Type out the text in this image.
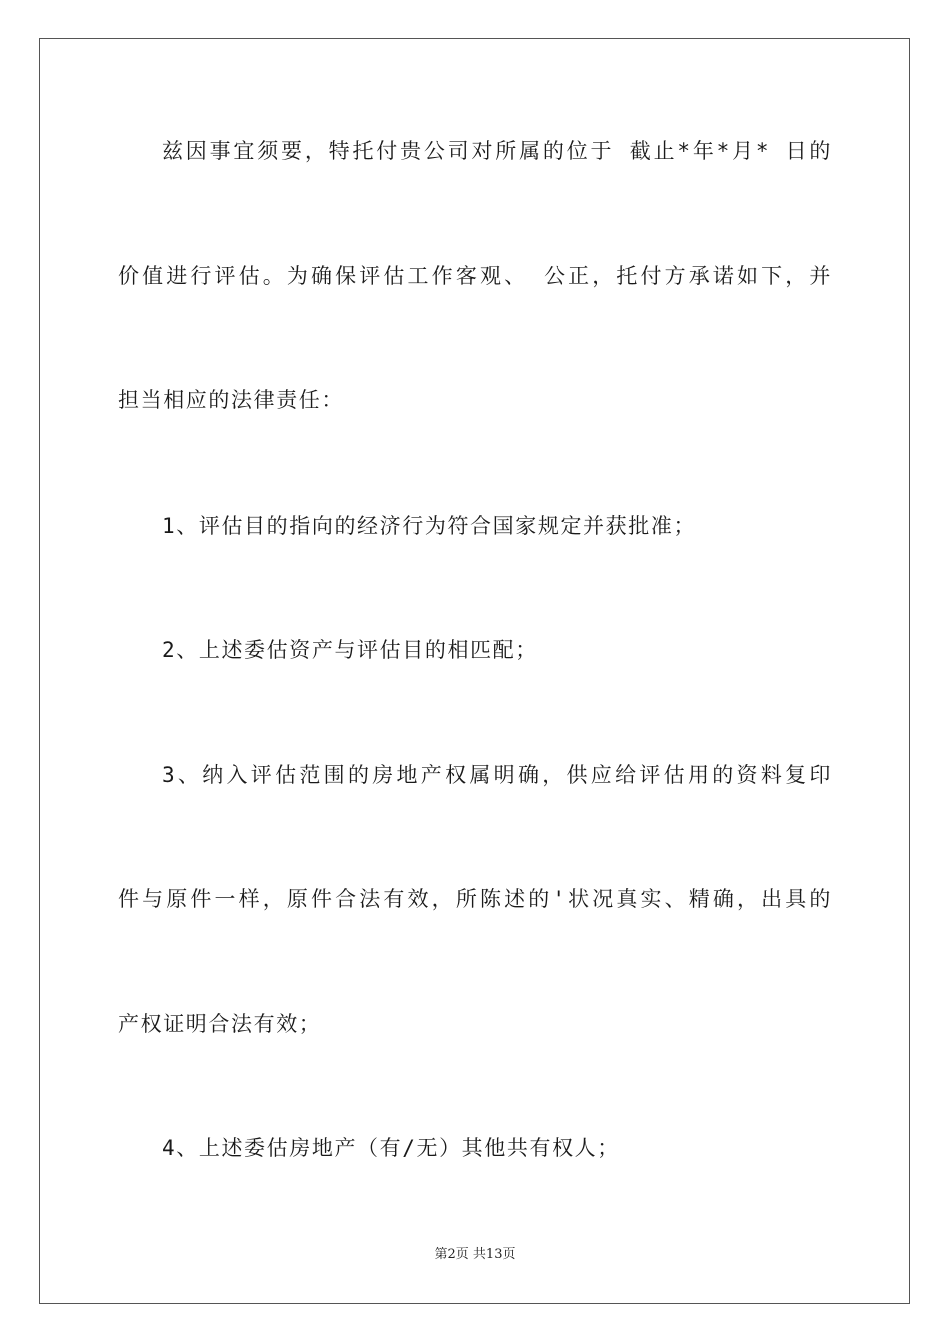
兹因事宜须要，特托付贵公司对所属的位于 截止*年*月* 日的
价值进行评估。为确保评估工作客观、 公正，托付方承诺如下，并
担当相应的法律责任：
1、评估目的指向的经济行为符合国家规定并获批准；
2、上述委估资产与评估目的相匹配；
3、纳入评估范围的房地产权属明确，供应给评估用的资料复印
件与原件一样，原件合法有效，所陈述的'状况真实、精确，出具的
产权证明合法有效；
4、上述委估房地产（有/无）其他共有权人；
第2页 共13页
